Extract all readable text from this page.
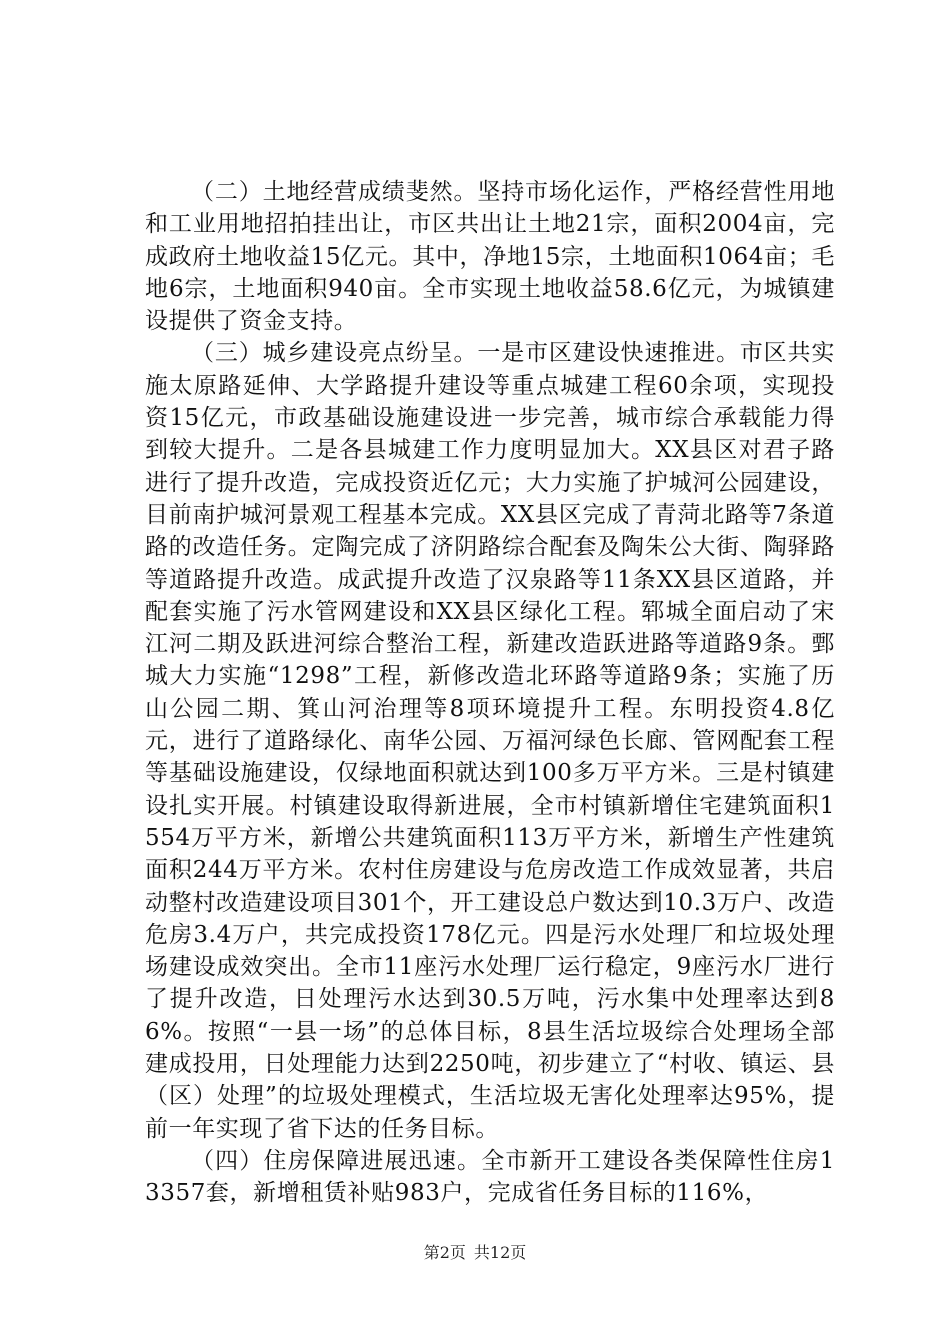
（二）土地经营成绩斐然。坚持市场化运作，严格经营性用地和工业用地招拍挂出让，市区共出让土地21宗，面积2004亩，完成政府土地收益15亿元。其中，净地15宗，土地面积1064亩；毛地6宗，土地面积940亩。全市实现土地收益58.6亿元，为城镇建设提供了资金支持。

（三）城乡建设亮点纷呈。一是市区建设快速推进。市区共实施太原路延伸、大学路提升建设等重点城建工程60余项，实现投资15亿元，市政基础设施建设进一步完善，城市综合承载能力得到较大提升。二是各县城建工作力度明显加大。XX县区对君子路进行了提升改造，完成投资近亿元；大力实施了护城河公园建设，目前南护城河景观工程基本完成。XX县区完成了青菏北路等7条道路的改造任务。定陶完成了济阴路综合配套及陶朱公大街、陶驿路等道路提升改造。成武提升改造了汉泉路等11条XX县区道路，并配套实施了污水管网建设和XX县区绿化工程。郓城全面启动了宋江河二期及跃进河综合整治工程，新建改造跃进路等道路9条。鄄城大力实施“1298”工程，新修改造北环路等道路9条；实施了历山公园二期、箕山河治理等8项环境提升工程。东明投资4.8亿元，进行了道路绿化、南华公园、万福河绿色长廊、管网配套工程等基础设施建设，仅绿地面积就达到100多万平方米。三是村镇建设扎实开展。村镇建设取得新进展，全市村镇新增住宅建筑面积1554万平方米，新增公共建筑面积113万平方米，新增生产性建筑面积244万平方米。农村住房建设与危房改造工作成效显著，共启动整村改造建设项目301个，开工建设总户数达到10.3万户、改造危房3.4万户，共完成投资178亿元。四是污水处理厂和垃圾处理场建设成效突出。全市11座污水处理厂运行稳定，9座污水厂进行了提升改造，日处理污水达到30.5万吨，污水集中处理率达到86%。按照“一县一场”的总体目标，8县生活垃圾综合处理场全部建成投用，日处理能力达到2250吨，初步建立了“村收、镇运、县（区）处理”的垃圾处理模式，生活垃圾无害化处理率达95%，提前一年实现了省下达的任务目标。

（四）住房保障进展迅速。全市新开工建设各类保障性住房13357套，新增租赁补贴983户，完成省任务目标的116%，

第2页 共12页
